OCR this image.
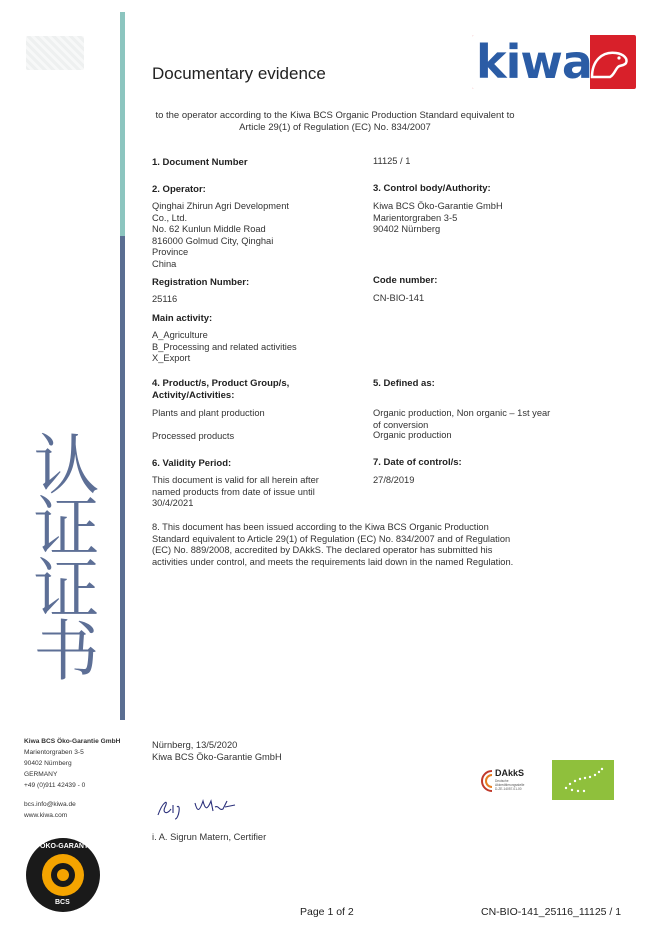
认证证书
Documentary evidence
to the operator according to the Kiwa BCS Organic Production Standard equivalent to
Article 29(1) of Regulation (EC) No. 834/2007
kiwa
1. Document Number	11125 / 1
2. Operator:
Qinghai Zhirun Agri Development
Co., Ltd.
No. 62 Kunlun Middle Road
816000 Golmud City, Qinghai
Province
China
3. Control body/Authority:
Kiwa BCS Öko-Garantie GmbH
Marientorgraben 3-5
90402 Nürnberg
Registration Number:
25116
Code number:
CN-BIO-141
Main activity:
A_Agriculture
B_Processing and related activities
X_Export
4. Product/s, Product Group/s,
Activity/Activities:
5. Defined as:
Plants and plant production	Organic production, Non organic – 1st year
of conversion
Processed products	Organic production
6. Validity Period:
This document is valid for all herein after
named products from date of issue until
30/4/2021
7. Date of control/s:
27/8/2019
8. This document has been issued according to the Kiwa BCS Organic Production
Standard equivalent to Article 29(1) of Regulation (EC) No. 834/2007 and of Regulation
(EC) No. 889/2008, accredited by DAkkS. The declared operator has submitted his
activities under control, and meets the requirements laid down in the named Regulation.
Nürnberg, 13/5/2020
Kiwa BCS Öko-Garantie GmbH
i. A. Sigrun Matern, Certifier
Kiwa BCS Öko-Garantie GmbH
Marientorgraben 3-5
90402 Nürnberg
GERMANY
+49 (0)911 42439 - 0
bcs.info@kiwa.de
www.kiwa.com
ÖKO-GARANTIE
BCS
DAkkS
Deutsche
Akkreditierungsstelle
D-ZE-14057-01-00
Page 1 of 2	CN-BIO-141_25116_11125 / 1
